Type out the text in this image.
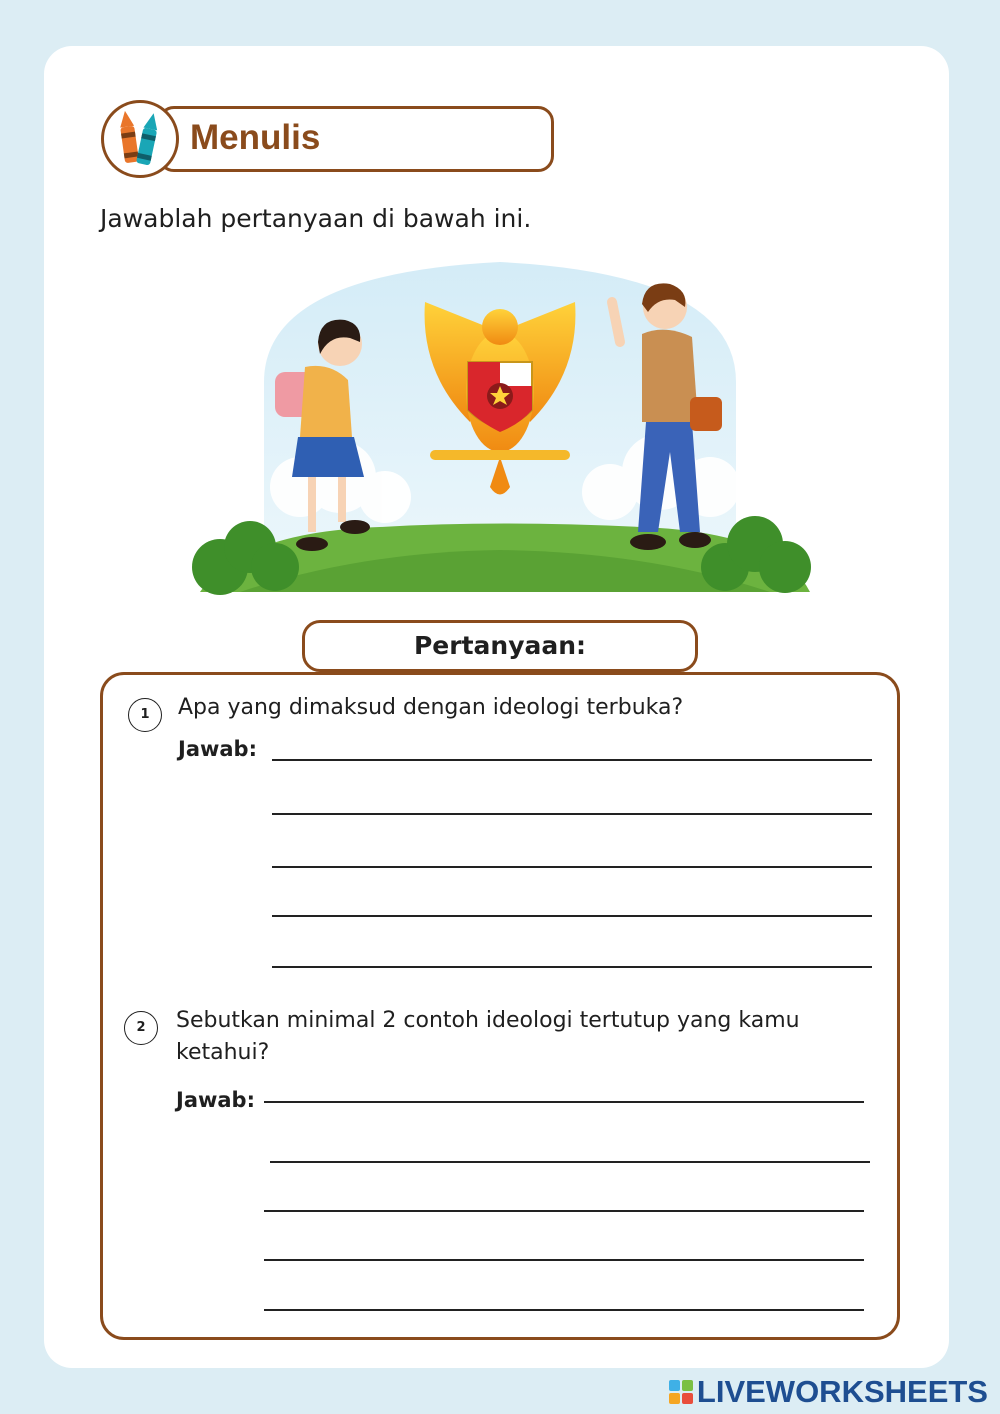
Menulis
Jawablah pertanyaan di bawah ini.
Pertanyaan:
1	Apa yang dimaksud dengan ideologi terbuka?
Jawab:
2	Sebutkan minimal 2 contoh ideologi tertutup yang kamu
ketahui?
Jawab:
LIVEWORKSHEETS
